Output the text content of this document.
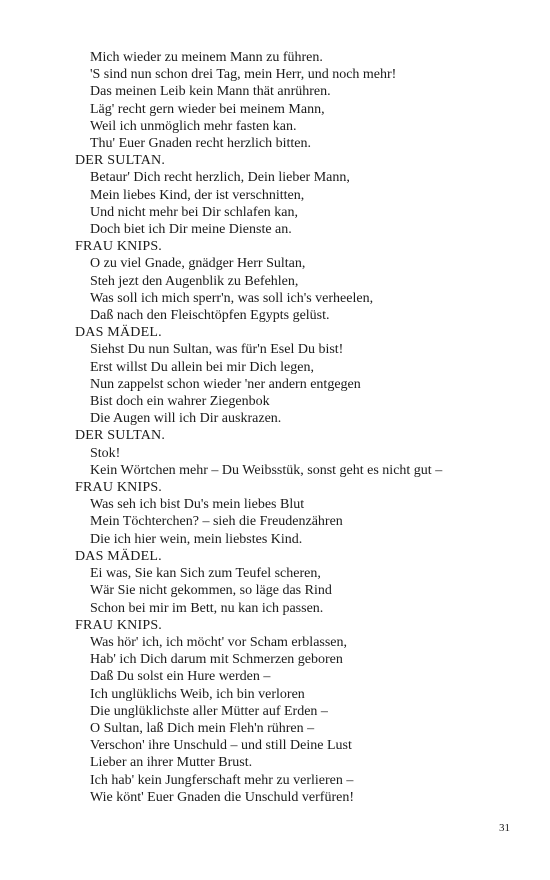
Mich wieder zu meinem Mann zu führen.
'S sind nun schon drei Tag, mein Herr, und noch mehr!
Das meinen Leib kein Mann thät anrühren.
Läg' recht gern wieder bei meinem Mann,
Weil ich unmöglich mehr fasten kan.
Thu' Euer Gnaden recht herzlich bitten.
DER SULTAN.
Betaur' Dich recht herzlich, Dein lieber Mann,
Mein liebes Kind, der ist verschnitten,
Und nicht mehr bei Dir schlafen kan,
Doch biet ich Dir meine Dienste an.
FRAU KNIPS.
O zu viel Gnade, gnädger Herr Sultan,
Steh jezt den Augenblik zu Befehlen,
Was soll ich mich sperr'n, was soll ich's verheelen,
Daß nach den Fleischtöpfen Egypts gelüst.
DAS MÄDEL.
Siehst Du nun Sultan, was für'n Esel Du bist!
Erst willst Du allein bei mir Dich legen,
Nun zappelst schon wieder 'ner andern entgegen
Bist doch ein wahrer Ziegenbok
Die Augen will ich Dir auskrazen.
DER SULTAN.
Stok!
Kein Wörtchen mehr – Du Weibsstük, sonst geht es nicht gut –
FRAU KNIPS.
Was seh ich bist Du's mein liebes Blut
Mein Töchterchen? – sieh die Freudenzähren
Die ich hier wein, mein liebstes Kind.
DAS MÄDEL.
Ei was, Sie kan Sich zum Teufel scheren,
Wär Sie nicht gekommen, so läge das Rind
Schon bei mir im Bett, nu kan ich passen.
FRAU KNIPS.
Was hör' ich, ich möcht' vor Scham erblassen,
Hab' ich Dich darum mit Schmerzen geboren
Daß Du solst ein Hure werden –
Ich unglüklichs Weib, ich bin verloren
Die unglüklichste aller Mütter auf Erden –
O Sultan, laß Dich mein Fleh'n rühren –
Verschon' ihre Unschuld – und still Deine Lust
Lieber an ihrer Mutter Brust.
Ich hab' kein Jungferschaft mehr zu verlieren –
Wie könt' Euer Gnaden die Unschuld verfüren!
31
